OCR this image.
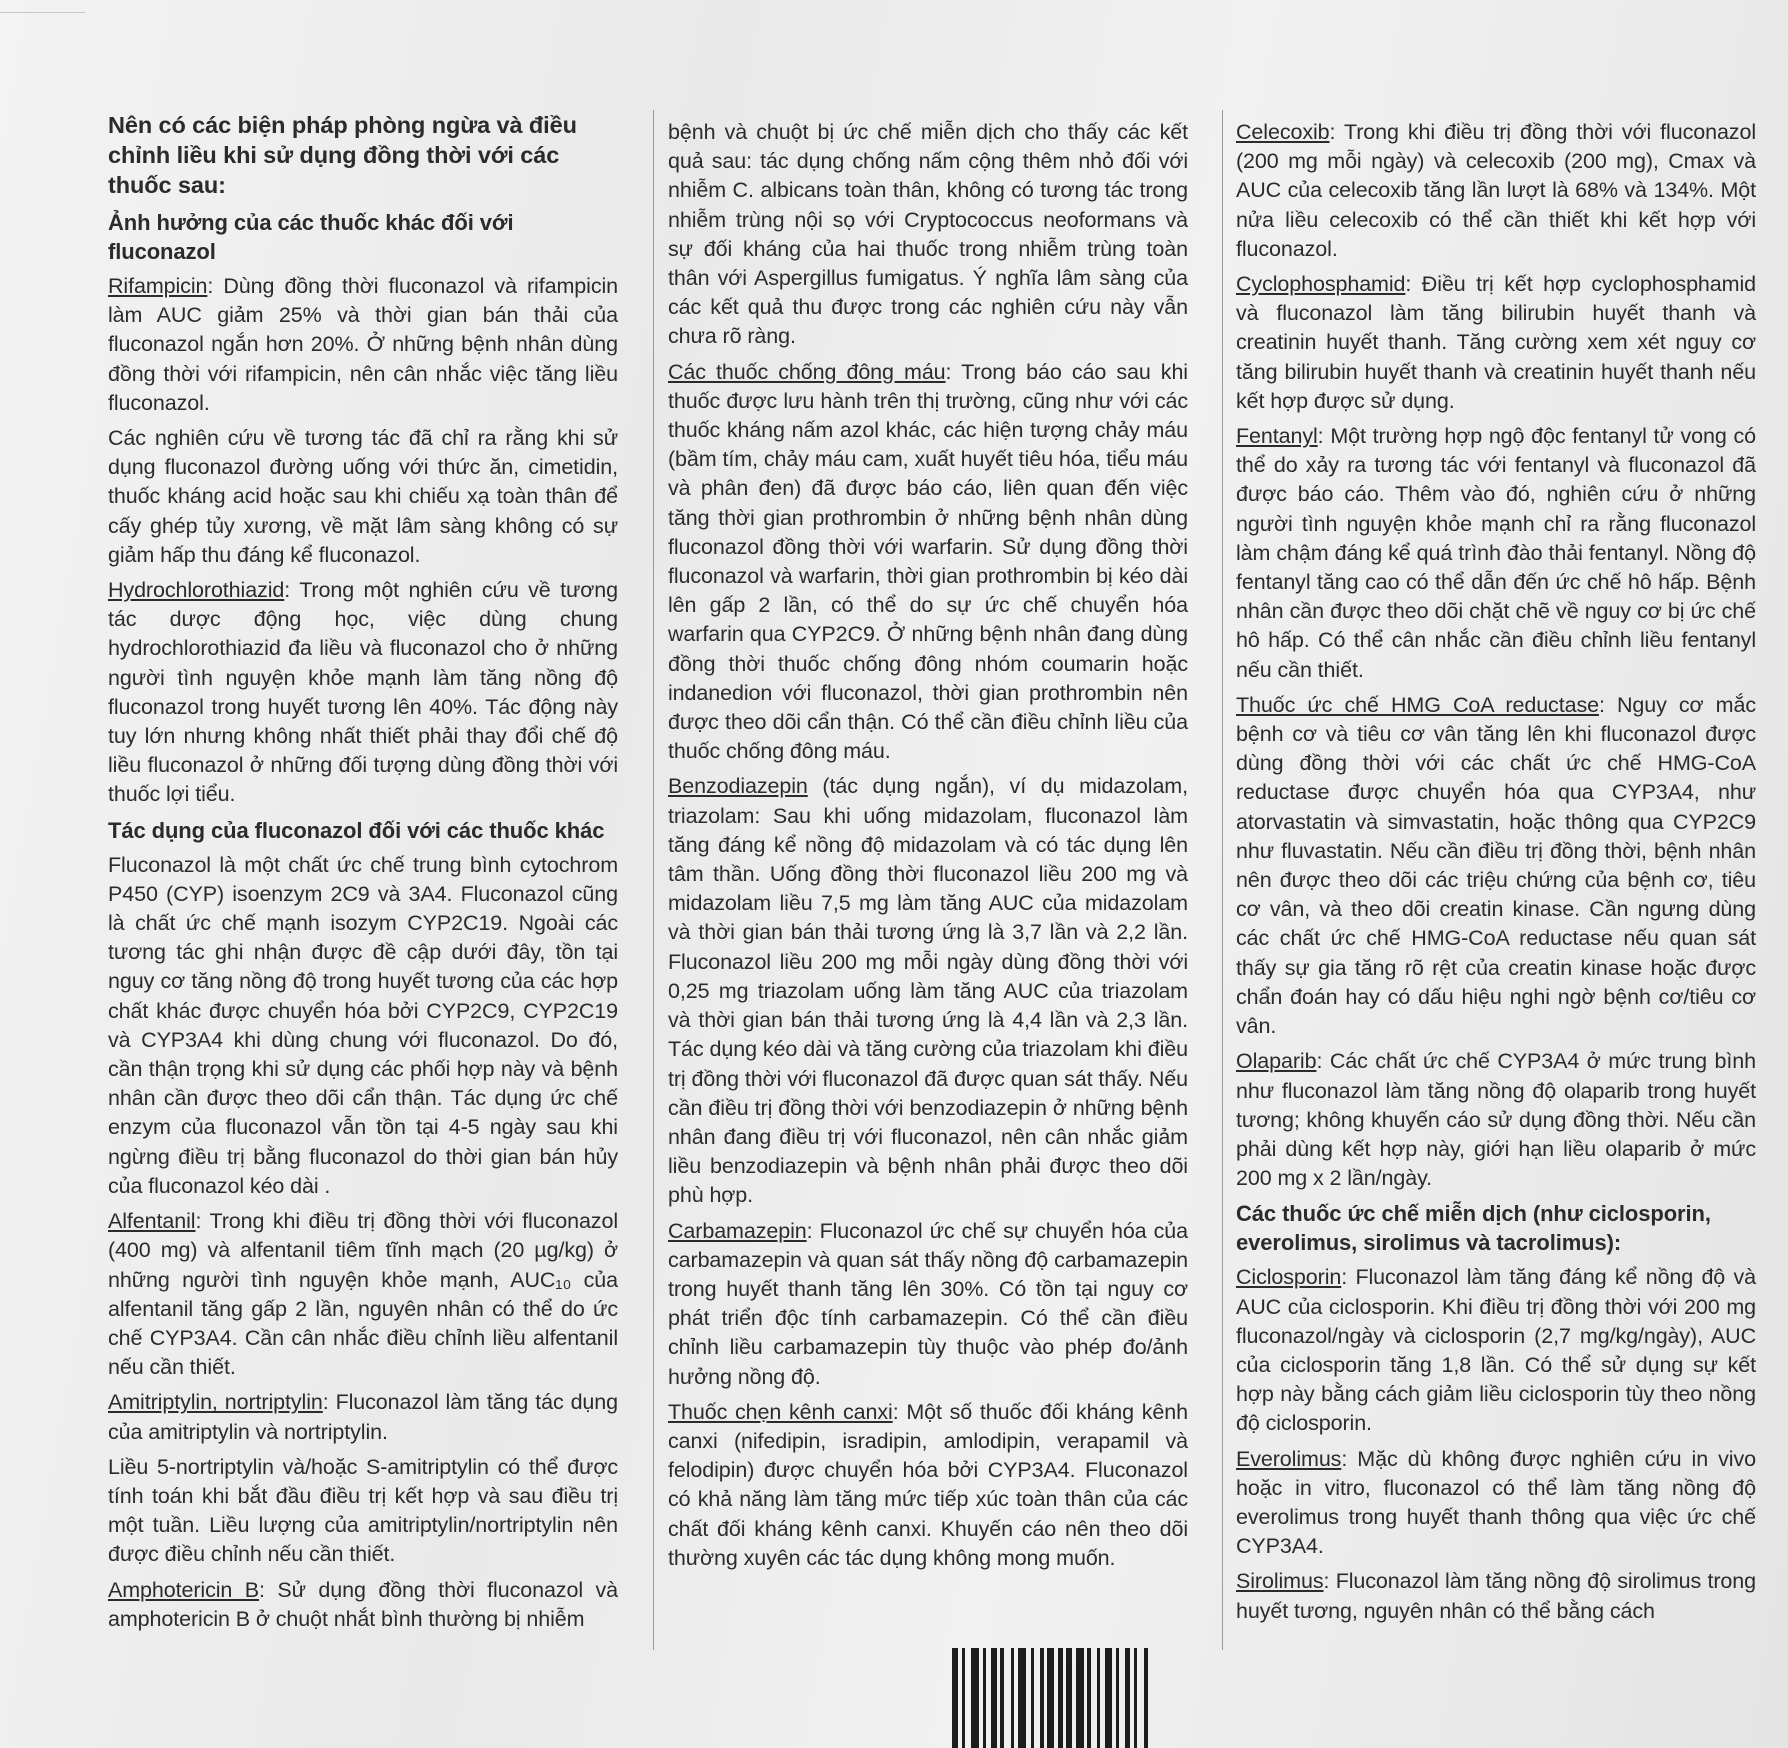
Nên có các biện pháp phòng ngừa và điều chỉnh liều khi sử dụng đồng thời với các thuốc sau:
Ảnh hưởng của các thuốc khác đối với fluconazol

Rifampicin: Dùng đồng thời fluconazol và rifampicin làm AUC giảm 25% và thời gian bán thải của fluconazol ngắn hơn 20%. Ở những bệnh nhân dùng đồng thời với rifampicin, nên cân nhắc việc tăng liều fluconazol.

Các nghiên cứu về tương tác đã chỉ ra rằng khi sử dụng fluconazol đường uống với thức ăn, cimetidin, thuốc kháng acid hoặc sau khi chiếu xạ toàn thân để cấy ghép tủy xương, về mặt lâm sàng không có sự giảm hấp thu đáng kể fluconazol.

Hydrochlorothiazid: Trong một nghiên cứu về tương tác dược động học, việc dùng chung hydrochlorothiazid đa liều và fluconazol cho ở những người tình nguyện khỏe mạnh làm tăng nồng độ fluconazol trong huyết tương lên 40%. Tác động này tuy lớn nhưng không nhất thiết phải thay đổi chế độ liều fluconazol ở những đối tượng dùng đồng thời với thuốc lợi tiểu.

Tác dụng của fluconazol đối với các thuốc khác

Fluconazol là một chất ức chế trung bình cytochrom P450 (CYP) isoenzym 2C9 và 3A4. Fluconazol cũng là chất ức chế mạnh isozym CYP2C19. Ngoài các tương tác ghi nhận được đề cập dưới đây, tồn tại nguy cơ tăng nồng độ trong huyết tương của các hợp chất khác được chuyển hóa bởi CYP2C9, CYP2C19 và CYP3A4 khi dùng chung với fluconazol. Do đó, cần thận trọng khi sử dụng các phối hợp này và bệnh nhân cần được theo dõi cẩn thận. Tác dụng ức chế enzym của fluconazol vẫn tồn tại 4-5 ngày sau khi ngừng điều trị bằng fluconazol do thời gian bán hủy của fluconazol kéo dài .

Alfentanil: Trong khi điều trị đồng thời với fluconazol (400 mg) và alfentanil tiêm tĩnh mạch (20 µg/kg) ở những người tình nguyện khỏe mạnh, AUC₁₀ của alfentanil tăng gấp 2 lần, nguyên nhân có thể do ức chế CYP3A4. Cần cân nhắc điều chỉnh liều alfentanil nếu cần thiết.

Amitriptylin, nortriptylin: Fluconazol làm tăng tác dụng của amitriptylin và nortriptylin.

Liều 5-nortriptylin và/hoặc S-amitriptylin có thể được tính toán khi bắt đầu điều trị kết hợp và sau điều trị một tuần. Liều lượng của amitriptylin/nortriptylin nên được điều chỉnh nếu cần thiết.

Amphotericin B: Sử dụng đồng thời fluconazol và amphotericin B ở chuột nhắt bình thường bị nhiễm

bệnh và chuột bị ức chế miễn dịch cho thấy các kết quả sau: tác dụng chống nấm cộng thêm nhỏ đối với nhiễm C. albicans toàn thân, không có tương tác trong nhiễm trùng nội sọ với Cryptococcus neoformans và sự đối kháng của hai thuốc trong nhiễm trùng toàn thân với Aspergillus fumigatus. Ý nghĩa lâm sàng của các kết quả thu được trong các nghiên cứu này vẫn chưa rõ ràng.

Các thuốc chống đông máu: Trong báo cáo sau khi thuốc được lưu hành trên thị trường, cũng như với các thuốc kháng nấm azol khác, các hiện tượng chảy máu (bầm tím, chảy máu cam, xuất huyết tiêu hóa, tiểu máu và phân đen) đã được báo cáo, liên quan đến việc tăng thời gian prothrombin ở những bệnh nhân dùng fluconazol đồng thời với warfarin. Sử dụng đồng thời fluconazol và warfarin, thời gian prothrombin bị kéo dài lên gấp 2 lần, có thể do sự ức chế chuyển hóa warfarin qua CYP2C9. Ở những bệnh nhân đang dùng đồng thời thuốc chống đông nhóm coumarin hoặc indanedion với fluconazol, thời gian prothrombin nên được theo dõi cẩn thận. Có thể cần điều chỉnh liều của thuốc chống đông máu.

Benzodiazepin (tác dụng ngắn), ví dụ midazolam, triazolam: Sau khi uống midazolam, fluconazol làm tăng đáng kể nồng độ midazolam và có tác dụng lên tâm thần. Uống đồng thời fluconazol liều 200 mg và midazolam liều 7,5 mg làm tăng AUC của midazolam và thời gian bán thải tương ứng là 3,7 lần và 2,2 lần. Fluconazol liều 200 mg mỗi ngày dùng đồng thời với 0,25 mg triazolam uống làm tăng AUC của triazolam và thời gian bán thải tương ứng là 4,4 lần và 2,3 lần. Tác dụng kéo dài và tăng cường của triazolam khi điều trị đồng thời với fluconazol đã được quan sát thấy. Nếu cần điều trị đồng thời với benzodiazepin ở những bệnh nhân đang điều trị với fluconazol, nên cân nhắc giảm liều benzodiazepin và bệnh nhân phải được theo dõi phù hợp.

Carbamazepin: Fluconazol ức chế sự chuyển hóa của carbamazepin và quan sát thấy nồng độ carbamazepin trong huyết thanh tăng lên 30%. Có tồn tại nguy cơ phát triển độc tính carbamazepin. Có thể cần điều chỉnh liều carbamazepin tùy thuộc vào phép đo/ảnh hưởng nồng độ.

Thuốc chẹn kênh canxi: Một số thuốc đối kháng kênh canxi (nifedipin, isradipin, amlodipin, verapamil và felodipin) được chuyển hóa bởi CYP3A4. Fluconazol có khả năng làm tăng mức tiếp xúc toàn thân của các chất đối kháng kênh canxi. Khuyến cáo nên theo dõi thường xuyên các tác dụng không mong muốn.

Celecoxib: Trong khi điều trị đồng thời với fluconazol (200 mg mỗi ngày) và celecoxib (200 mg), Cmax và AUC của celecoxib tăng lần lượt là 68% và 134%. Một nửa liều celecoxib có thể cần thiết khi kết hợp với fluconazol.

Cyclophosphamid: Điều trị kết hợp cyclophosphamid và fluconazol làm tăng bilirubin huyết thanh và creatinin huyết thanh. Tăng cường xem xét nguy cơ tăng bilirubin huyết thanh và creatinin huyết thanh nếu kết hợp được sử dụng.

Fentanyl: Một trường hợp ngộ độc fentanyl tử vong có thể do xảy ra tương tác với fentanyl và fluconazol đã được báo cáo. Thêm vào đó, nghiên cứu ở những người tình nguyện khỏe mạnh chỉ ra rằng fluconazol làm chậm đáng kể quá trình đào thải fentanyl. Nồng độ fentanyl tăng cao có thể dẫn đến ức chế hô hấp. Bệnh nhân cần được theo dõi chặt chẽ về nguy cơ bị ức chế hô hấp. Có thể cân nhắc cần điều chỉnh liều fentanyl nếu cần thiết.

Thuốc ức chế HMG CoA reductase: Nguy cơ mắc bệnh cơ và tiêu cơ vân tăng lên khi fluconazol được dùng đồng thời với các chất ức chế HMG-CoA reductase được chuyển hóa qua CYP3A4, như atorvastatin và simvastatin, hoặc thông qua CYP2C9 như fluvastatin. Nếu cần điều trị đồng thời, bệnh nhân nên được theo dõi các triệu chứng của bệnh cơ, tiêu cơ vân, và theo dõi creatin kinase. Cần ngưng dùng các chất ức chế HMG-CoA reductase nếu quan sát thấy sự gia tăng rõ rệt của creatin kinase hoặc được chẩn đoán hay có dấu hiệu nghi ngờ bệnh cơ/tiêu cơ vân.

Olaparib: Các chất ức chế CYP3A4 ở mức trung bình như fluconazol làm tăng nồng độ olaparib trong huyết tương; không khuyến cáo sử dụng đồng thời. Nếu cần phải dùng kết hợp này, giới hạn liều olaparib ở mức 200 mg x 2 lần/ngày.

Các thuốc ức chế miễn dịch (như ciclosporin, everolimus, sirolimus và tacrolimus):

Ciclosporin: Fluconazol làm tăng đáng kể nồng độ và AUC của ciclosporin. Khi điều trị đồng thời với 200 mg fluconazol/ngày và ciclosporin (2,7 mg/kg/ngày), AUC của ciclosporin tăng 1,8 lần. Có thể sử dụng sự kết hợp này bằng cách giảm liều ciclosporin tùy theo nồng độ ciclosporin.

Everolimus: Mặc dù không được nghiên cứu in vivo hoặc in vitro, fluconazol có thể làm tăng nồng độ everolimus trong huyết thanh thông qua việc ức chế CYP3A4.

Sirolimus: Fluconazol làm tăng nồng độ sirolimus trong huyết tương, nguyên nhân có thể bằng cách
